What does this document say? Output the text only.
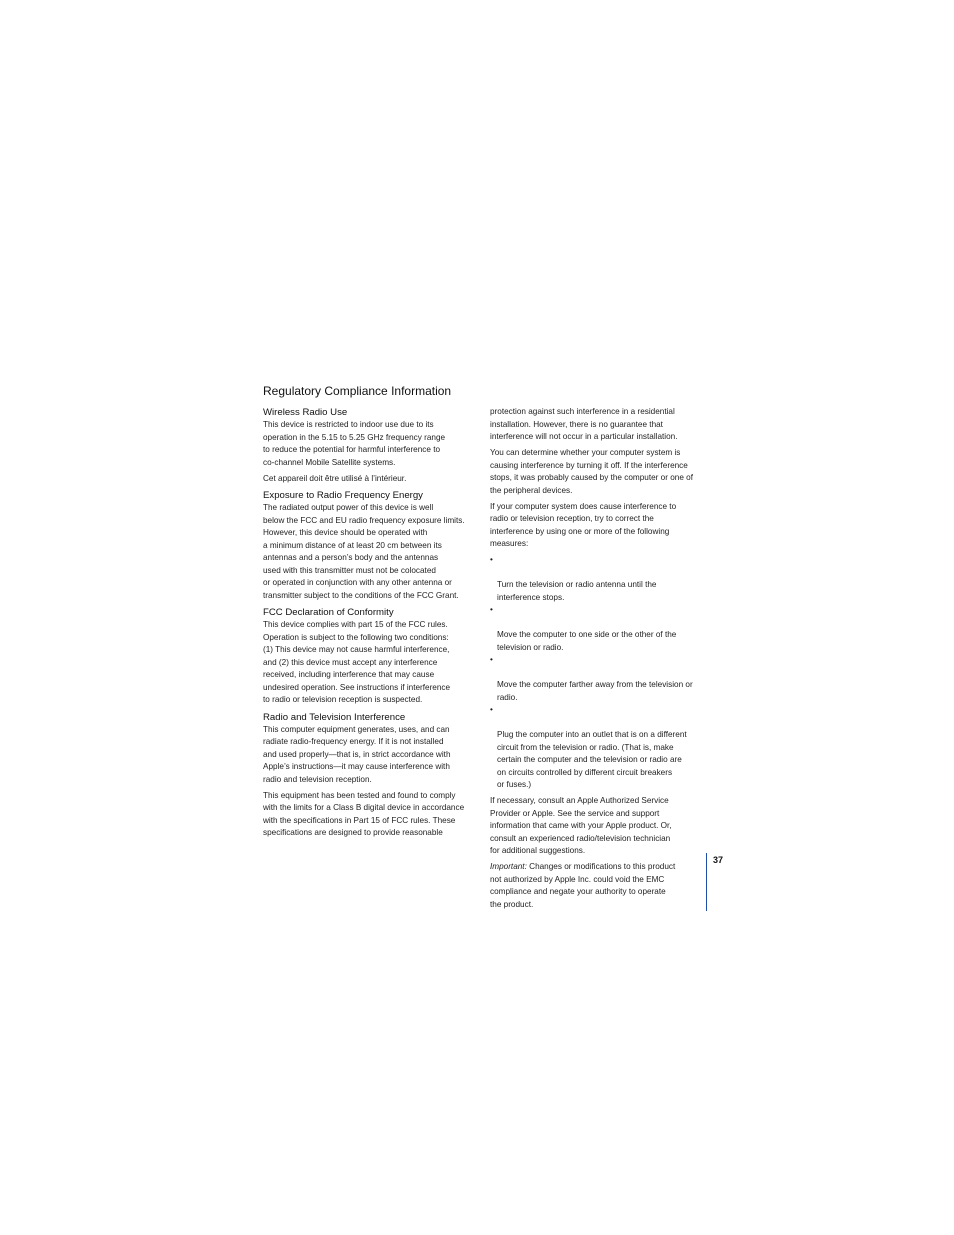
Regulatory Compliance Information
Wireless Radio Use

This device is restricted to indoor use due to its
operation in the 5.15 to 5.25 GHz frequency range
to reduce the potential for harmful interference to
co-channel Mobile Satellite systems.

Cet appareil doit être utilisé à l’intérieur.

Exposure to Radio Frequency Energy

The radiated output power of this device is well
below the FCC and EU radio frequency exposure limits.
However, this device should be operated with
a minimum distance of at least 20 cm between its
antennas and a person’s body and the antennas
used with this transmitter must not be colocated
or operated in conjunction with any other antenna or
transmitter subject to the conditions of the FCC Grant.

FCC Declaration of Conformity

This device complies with part 15 of the FCC rules.
Operation is subject to the following two conditions:
(1) This device may not cause harmful interference,
and (2) this device must accept any interference
received, including interference that may cause
undesired operation. See instructions if interference
to radio or television reception is suspected.

Radio and Television Interference

This computer equipment generates, uses, and can
radiate radio-frequency energy. If it is not installed
and used properly—that is, in strict accordance with
Apple’s instructions—it may cause interference with
radio and television reception.

This equipment has been tested and found to comply
with the limits for a Class B digital device in accordance
with the specifications in Part 15 of FCC rules. These
specifications are designed to provide reasonable

protection against such interference in a residential
installation. However, there is no guarantee that
interference will not occur in a particular installation.

You can determine whether your computer system is
causing interference by turning it off. If the interference
stops, it was probably caused by the computer or one of
the peripheral devices.

If your computer system does cause interference to
radio or television reception, try to correct the
interference by using one or more of the following
measures:

•

Turn the television or radio antenna until the
interference stops.

•

Move the computer to one side or the other of the
television or radio.

•

Move the computer farther away from the television or
radio.

•

Plug the computer into an outlet that is on a different
circuit from the television or radio. (That is, make
certain the computer and the television or radio are
on circuits controlled by different circuit breakers
or fuses.)

If necessary, consult an Apple Authorized Service
Provider or Apple. See the service and support
information that came with your Apple product. Or,
consult an experienced radio/television technician
for additional suggestions.

Important: Changes or modifications to this product
not authorized by Apple Inc. could void the EMC
compliance and negate your authority to operate
the product.

37
